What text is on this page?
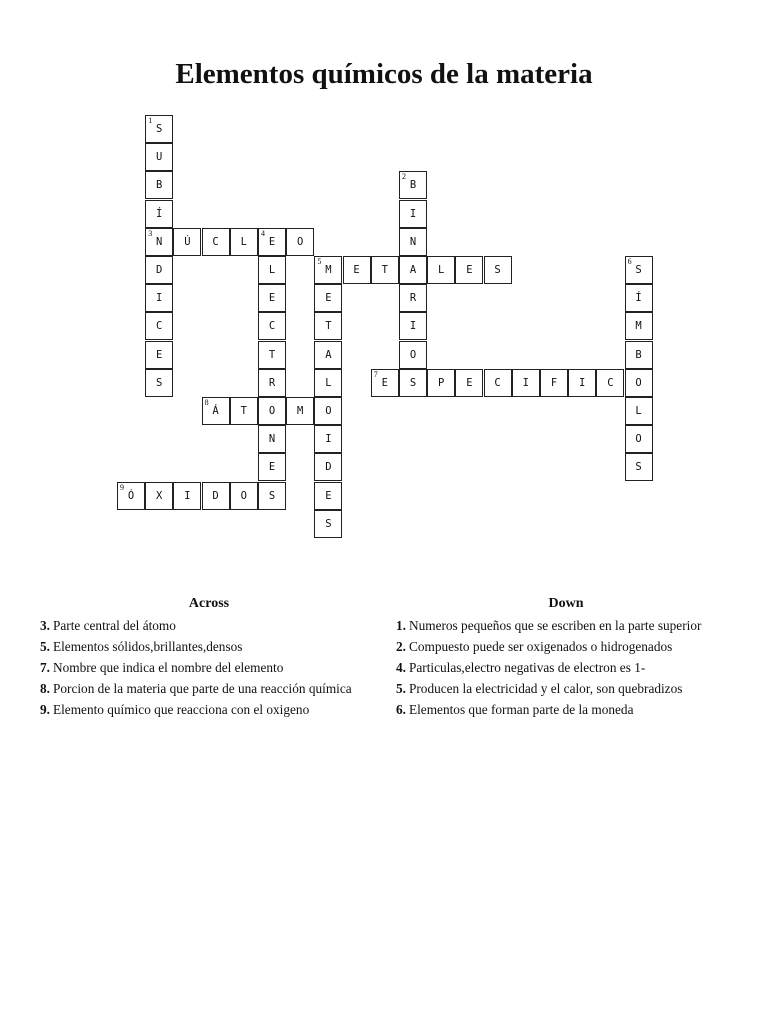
Elementos químicos de la materia
1
S
U
B
Í
3
N
D
I
C
E
S
2
B
I
N
A
R
I
O
Ú C L
4
E O
L
E
C
T
R
O
N
E
S
5
M E T	L E S
E
T
A
L
O
I
D
E
S
6
S
Í
M
B
O
L
O
S
7
E S P E C I F I C
8
Á T	M
9
Ó X I D O
Across
3. Parte central del átomo
5. Elementos sólidos,brillantes,densos
7. Nombre que indica el nombre del elemento
8. Porcion de la materia que parte de una reacción química
9. Elemento químico que reacciona con el oxigeno
Down
1. Numeros pequeños que se escriben en la parte superior
2. Compuesto puede ser oxigenados o hidrogenados
4. Particulas,electro negativas de electron es 1-
5. Producen la electricidad y el calor, son quebradizos
6. Elementos que forman parte de la moneda
